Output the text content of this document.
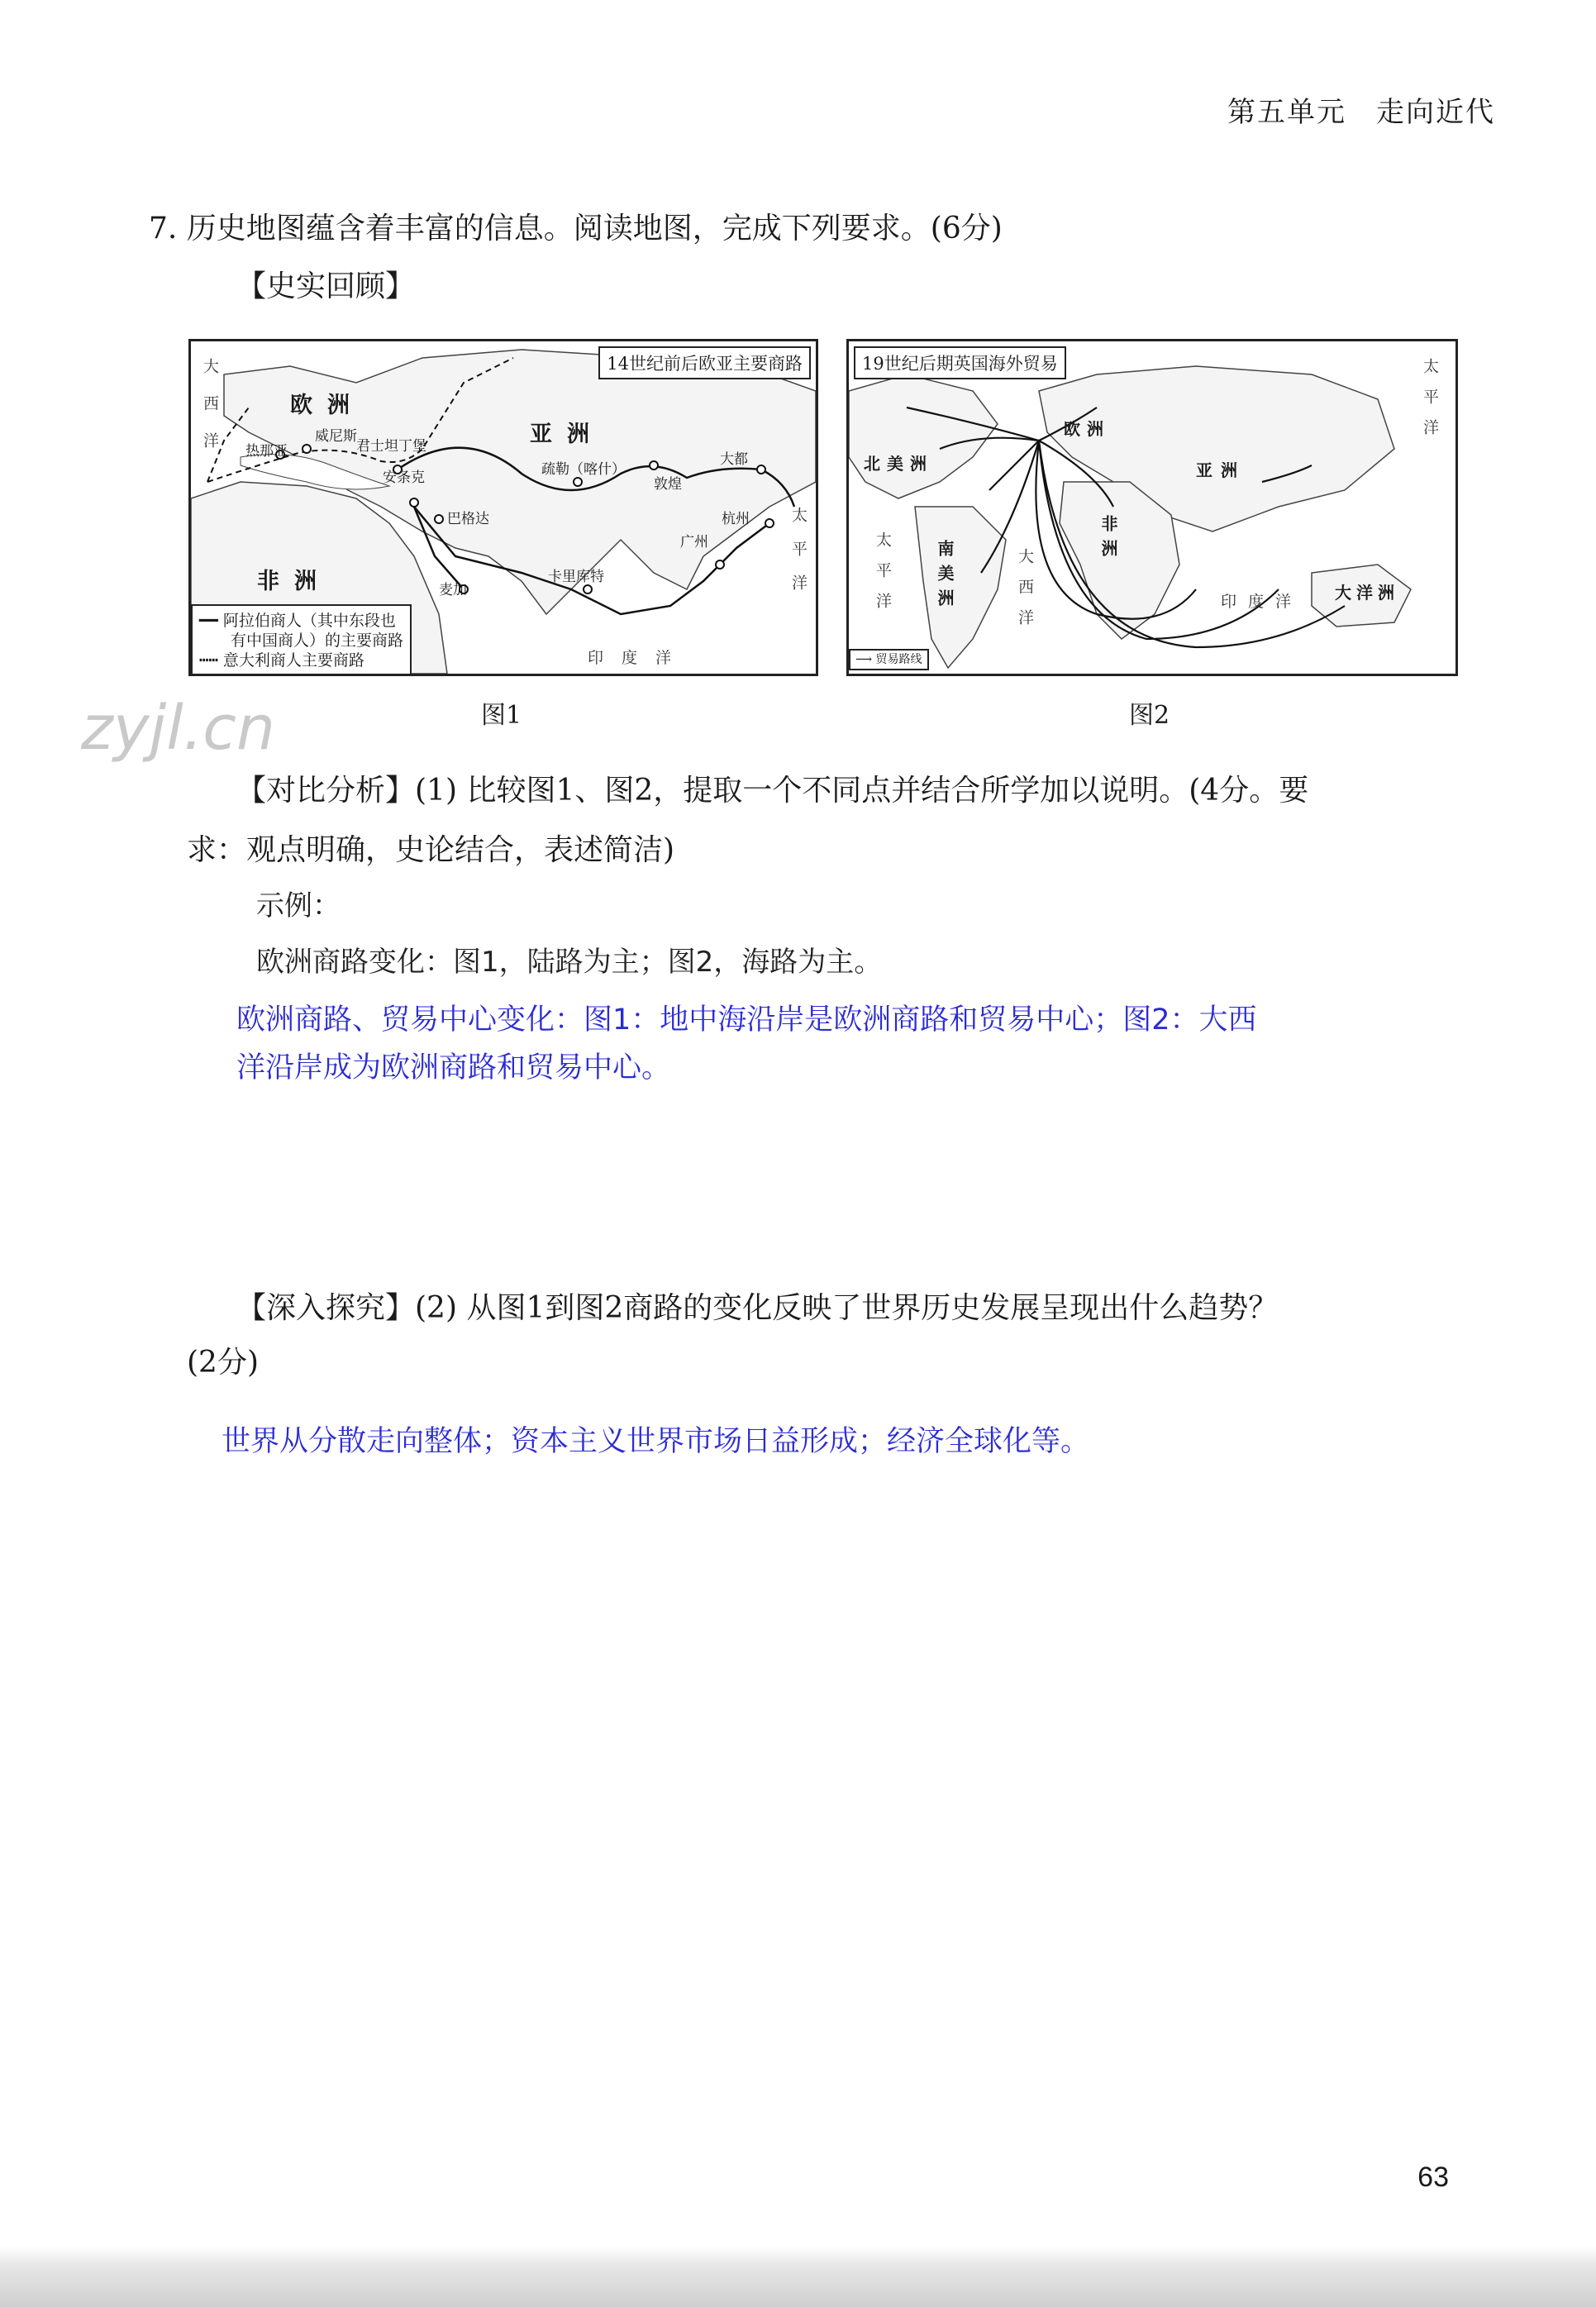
第五单元　走向近代
7. 历史地图蕴含着丰富的信息。阅读地图，完成下列要求。(6分)
【史实回顾】
14世纪前后欧亚主要商路
欧洲
亚洲
非洲
威尼斯
热那亚	君士坦丁堡
安条克
巴格达
麦加
疏勒（喀什）
敦煌
大都
杭州
广州
卡里库特
大西洋
印度洋
太平洋
━━ 阿拉伯商人（其中东段也
　　有中国商人）的主要商路
┅┅ 意大利商人主要商路
19世纪后期英国海外贸易
北美洲
南美洲
欧洲
非洲
亚洲
大洋洲
大西洋
太平洋	印度洋
太平洋
⟶ 贸易路线
图1	图2
zyjl.cn
【对比分析】(1) 比较图1、图2，提取一个不同点并结合所学加以说明。(4分。要
求：观点明确，史论结合，表述简洁)
示例：
欧洲商路变化：图1，陆路为主；图2，海路为主。
欧洲商路、贸易中心变化：图1：地中海沿岸是欧洲商路和贸易中心；图2：大西
洋沿岸成为欧洲商路和贸易中心。
【深入探究】(2) 从图1到图2商路的变化反映了世界历史发展呈现出什么趋势？
(2分)
世界从分散走向整体；资本主义世界市场日益形成；经济全球化等。
63
